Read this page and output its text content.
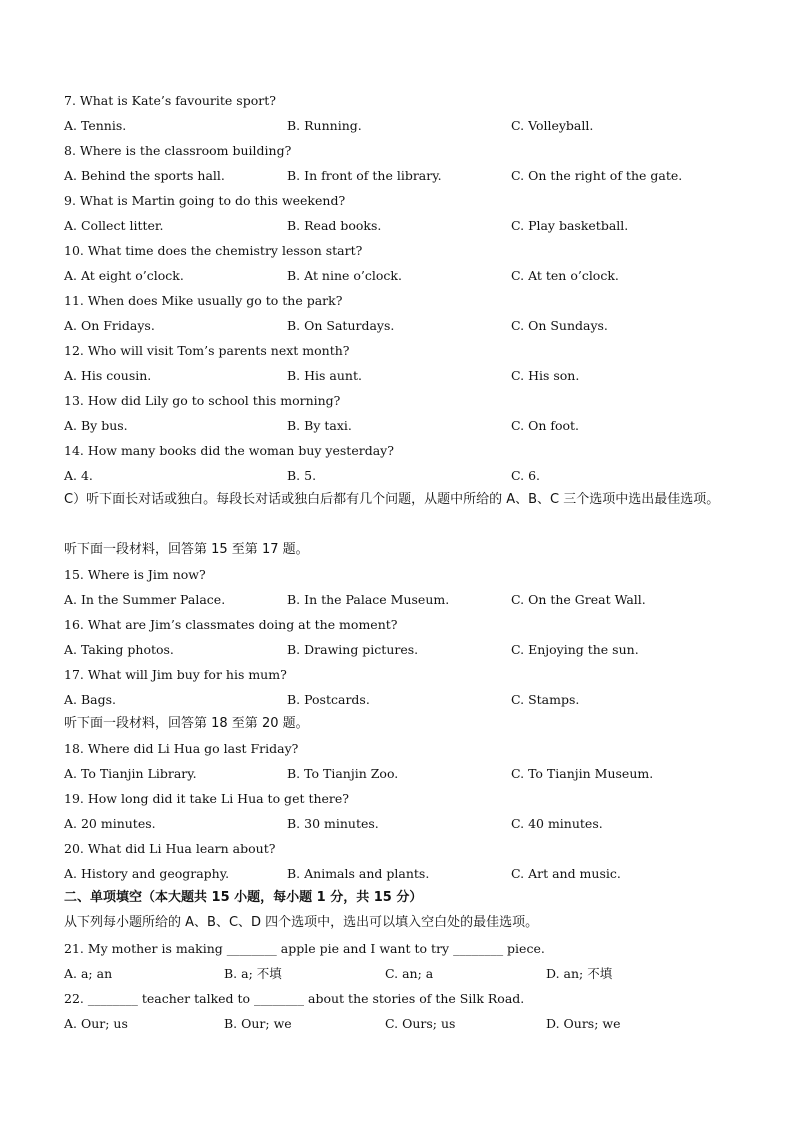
7. What is Kate’s favourite sport?
A. Tennis.	B. Running.	C. Volleyball.
8. Where is the classroom building?
A. Behind the sports hall.	B. In front of the library.	C. On the right of the gate.
9. What is Martin going to do this weekend?
A. Collect litter.	B. Read books.	C. Play basketball.
10. What time does the chemistry lesson start?
A. At eight o’clock.	B. At nine o’clock.	C. At ten o’clock.
11. When does Mike usually go to the park?
A. On Fridays.	B. On Saturdays.	C. On Sundays.
12. Who will visit Tom’s parents next month?
A. His cousin.	B. His aunt.	C. His son.
13. How did Lily go to school this morning?
A. By bus.	B. By taxi.	C. On foot.
14. How many books did the woman buy yesterday?
A. 4.	B. 5.	C. 6.
C）听下面长对话或独白。每段长对话或独白后都有几个问题，从题中所给的 A、B、C 三个选项中选出最佳选项。
听下面一段材料，回答第 15 至第 17 题。
15. Where is Jim now?
A. In the Summer Palace.	B. In the Palace Museum.	C. On the Great Wall.
16. What are Jim’s classmates doing at the moment?
A. Taking photos.	B. Drawing pictures.	C. Enjoying the sun.
17. What will Jim buy for his mum?
A. Bags.	B. Postcards.	C. Stamps.
听下面一段材料，回答第 18 至第 20 题。
18. Where did Li Hua go last Friday?
A. To Tianjin Library.	B. To Tianjin Zoo.	C. To Tianjin Museum.
19. How long did it take Li Hua to get there?
A. 20 minutes.	B. 30 minutes.	C. 40 minutes.
20. What did Li Hua learn about?
A. History and geography.	B. Animals and plants.	C. Art and music.
二、单项填空（本大题共 15 小题，每小题 1 分，共 15 分）
从下列每小题所给的 A、B、C、D 四个选项中，选出可以填入空白处的最佳选项。
21. My mother is making ________ apple pie and I want to try ________ piece.
A. a; an	B. a; 不填	C. an; a	D. an; 不填
22. ________ teacher talked to ________ about the stories of the Silk Road.
A. Our; us	B. Our; we	C. Ours; us	D. Ours; we
